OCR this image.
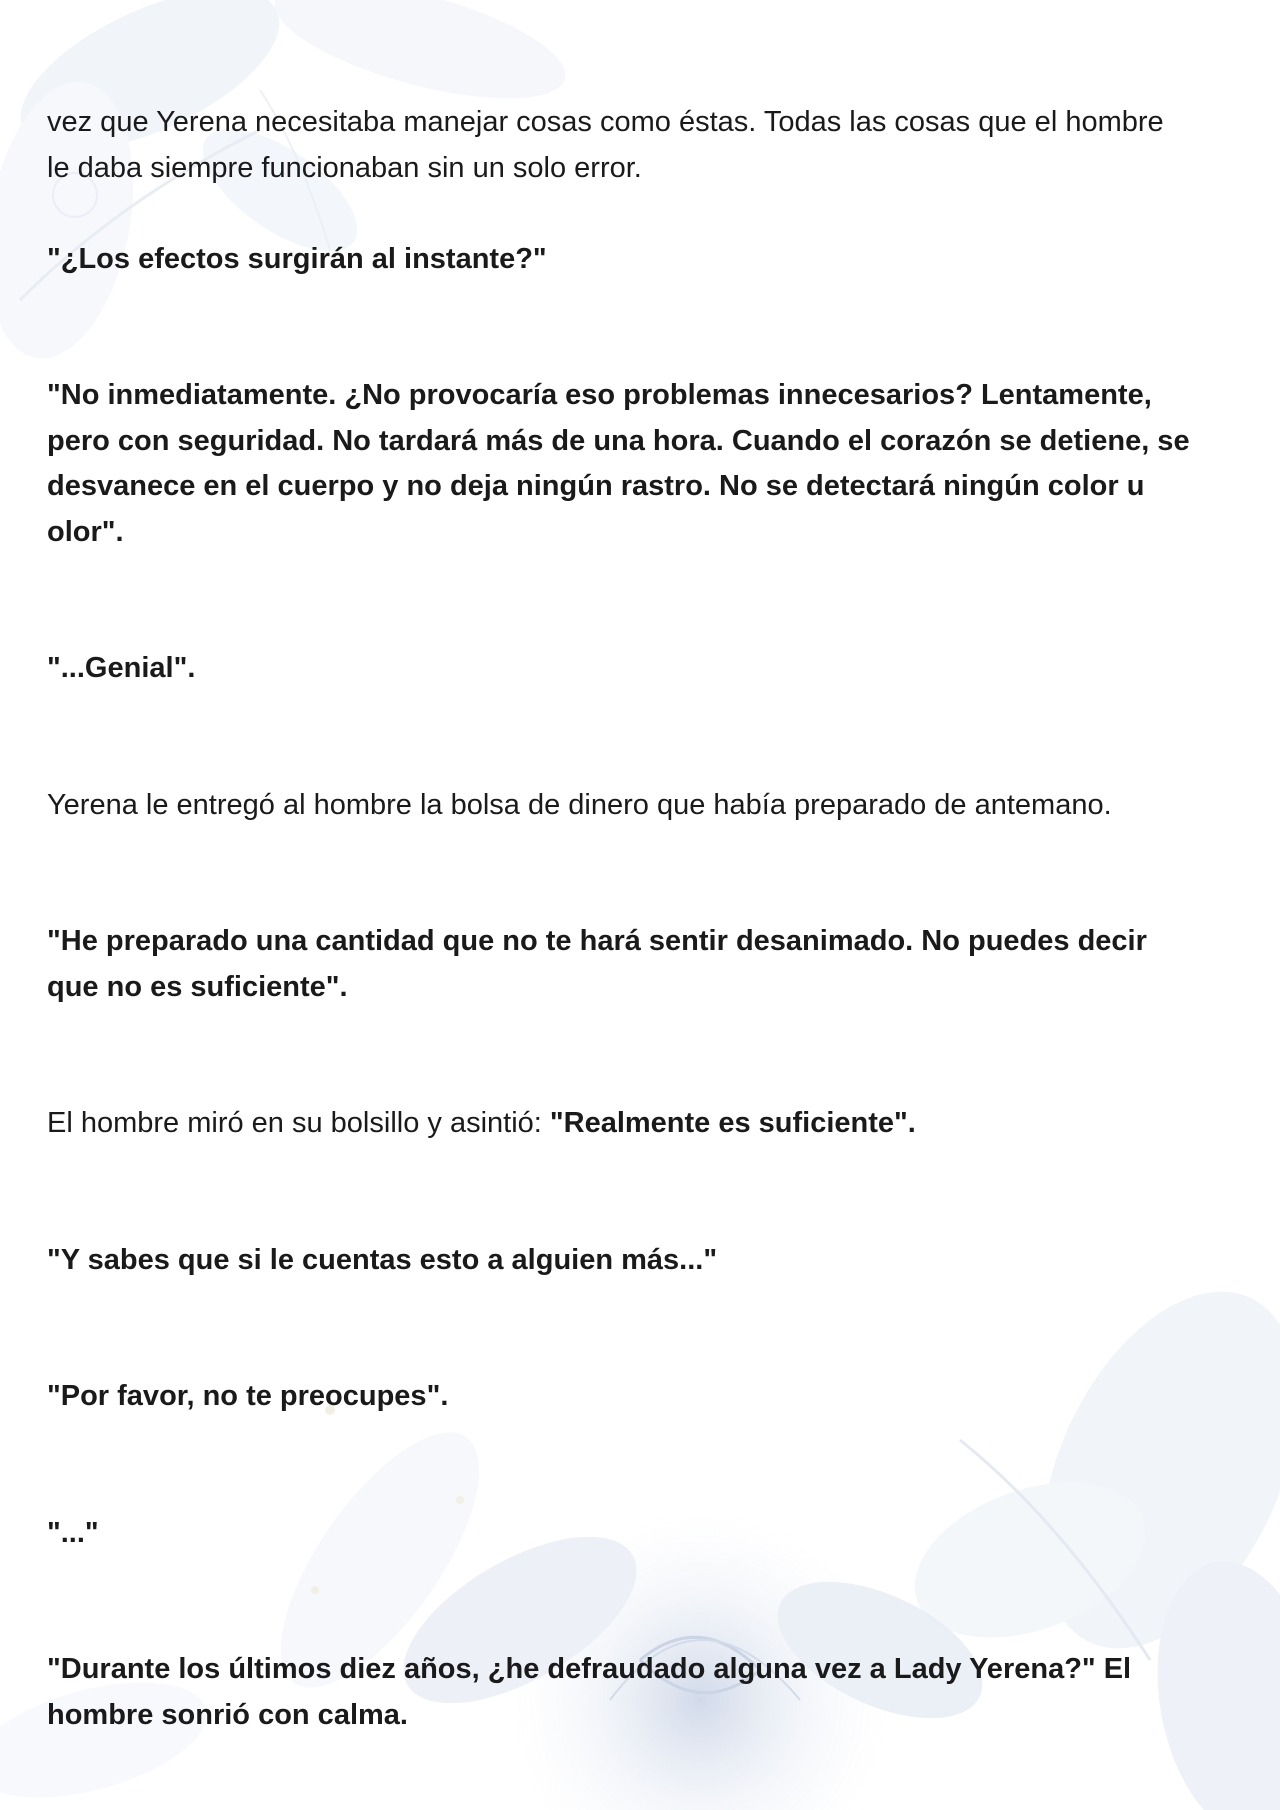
vez que Yerena necesitaba manejar cosas como éstas. Todas las cosas que el hombre
le daba siempre funcionaban sin un solo error.

"¿Los efectos surgirán al instante?"

"No inmediatamente. ¿No provocaría eso problemas innecesarios? Lentamente,
pero con seguridad. No tardará más de una hora. Cuando el corazón se detiene, se
desvanece en el cuerpo y no deja ningún rastro. No se detectará ningún color u
olor".

"...Genial".

Yerena le entregó al hombre la bolsa de dinero que había preparado de antemano.

"He preparado una cantidad que no te hará sentir desanimado. No puedes decir
que no es suficiente".

El hombre miró en su bolsillo y asintió: "Realmente es suficiente".

"Y sabes que si le cuentas esto a alguien más..."

"Por favor, no te preocupes".

"..."

"Durante los últimos diez años, ¿he defraudado alguna vez a Lady Yerena?" El
hombre sonrió con calma.
